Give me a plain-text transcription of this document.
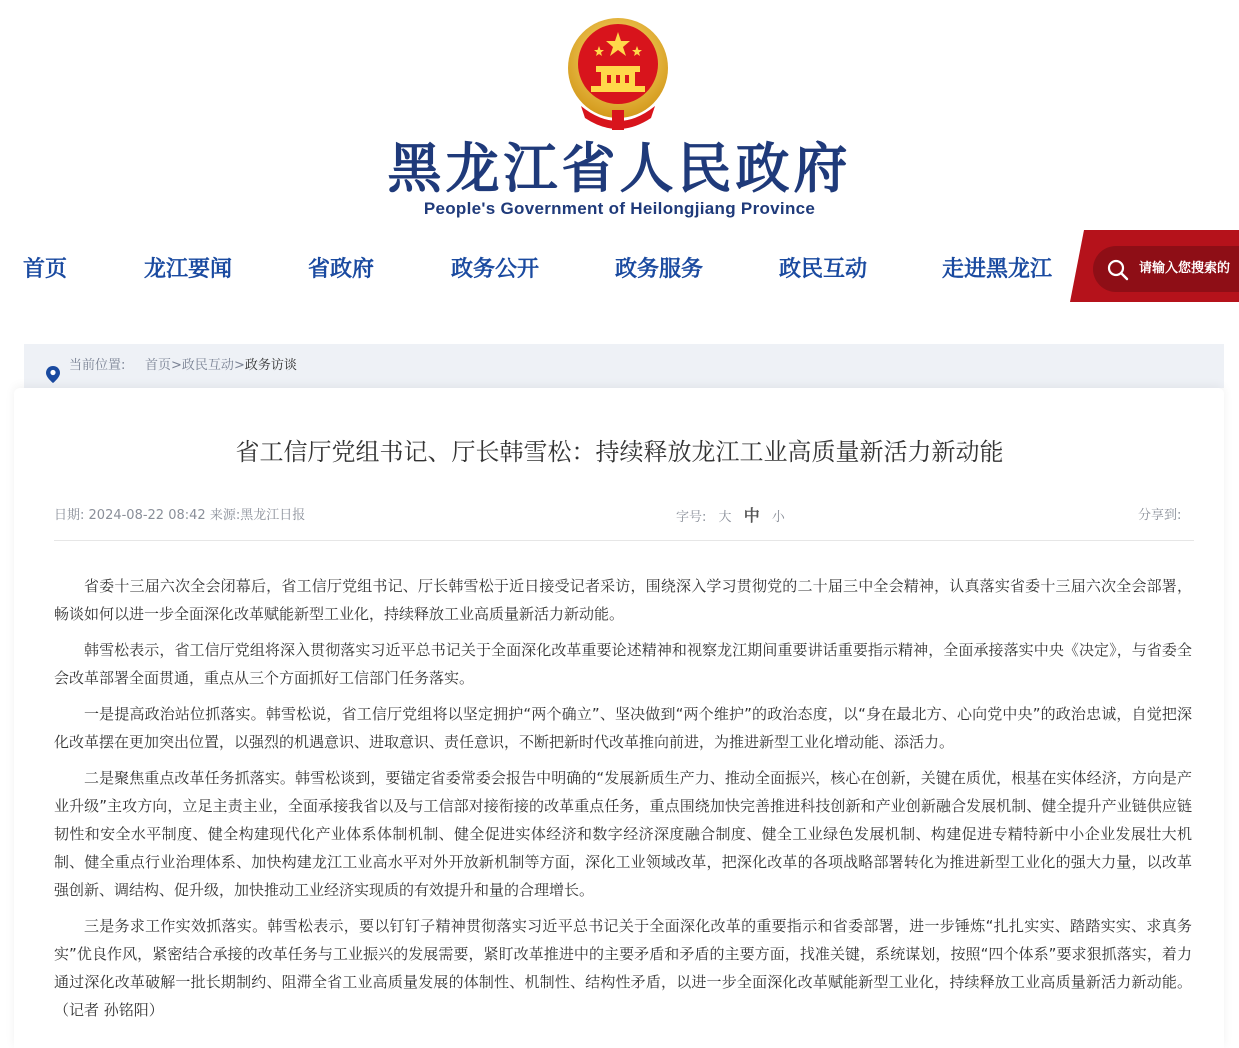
黑龙江省人民政府
People's Government of Heilongjiang Province
首页	龙江要闻	省政府	政务公开	政务服务	政民互动	走进黑龙江	请输入您搜索的
当前位置: 首页>政民互动>政务访谈
省工信厅党组书记、厅长韩雪松：持续释放龙江工业高质量新活力新动能
日期: 2024-08-22 08:42 来源:黑龙江日报	字号: 大 中 小	分享到:

省委十三届六次全会闭幕后，省工信厅党组书记、厅长韩雪松于近日接受记者采访，围绕深入学习贯彻党的二十届三中全会精神，认真落实省委十三届六次全会部署，畅谈如何以进一步全面深化改革赋能新型工业化，持续释放工业高质量新活力新动能。

韩雪松表示，省工信厅党组将深入贯彻落实习近平总书记关于全面深化改革重要论述精神和视察龙江期间重要讲话重要指示精神，全面承接落实中央《决定》，与省委全会改革部署全面贯通，重点从三个方面抓好工信部门任务落实。

一是提高政治站位抓落实。韩雪松说，省工信厅党组将以坚定拥护“两个确立”、坚决做到“两个维护”的政治态度，以“身在最北方、心向党中央”的政治忠诚，自觉把深化改革摆在更加突出位置，以强烈的机遇意识、进取意识、责任意识，不断把新时代改革推向前进，为推进新型工业化增动能、添活力。

二是聚焦重点改革任务抓落实。韩雪松谈到，要锚定省委常委会报告中明确的“发展新质生产力、推动全面振兴，核心在创新，关键在质优，根基在实体经济，方向是产业升级”主攻方向，立足主责主业，全面承接我省以及与工信部对接衔接的改革重点任务，重点围绕加快完善推进科技创新和产业创新融合发展机制、健全提升产业链供应链韧性和安全水平制度、健全构建现代化产业体系体制机制、健全促进实体经济和数字经济深度融合制度、健全工业绿色发展机制、构建促进专精特新中小企业发展壮大机制、健全重点行业治理体系、加快构建龙江工业高水平对外开放新机制等方面，深化工业领域改革，把深化改革的各项战略部署转化为推进新型工业化的强大力量，以改革强创新、调结构、促升级，加快推动工业经济实现质的有效提升和量的合理增长。

三是务求工作实效抓落实。韩雪松表示，要以钉钉子精神贯彻落实习近平总书记关于全面深化改革的重要指示和省委部署，进一步锤炼“扎扎实实、踏踏实实、求真务实”优良作风，紧密结合承接的改革任务与工业振兴的发展需要，紧盯改革推进中的主要矛盾和矛盾的主要方面，找准关键，系统谋划，按照“四个体系”要求狠抓落实，着力通过深化改革破解一批长期制约、阻滞全省工业高质量发展的体制性、机制性、结构性矛盾，以进一步全面深化改革赋能新型工业化，持续释放工业高质量新活力新动能。（记者 孙铭阳）
